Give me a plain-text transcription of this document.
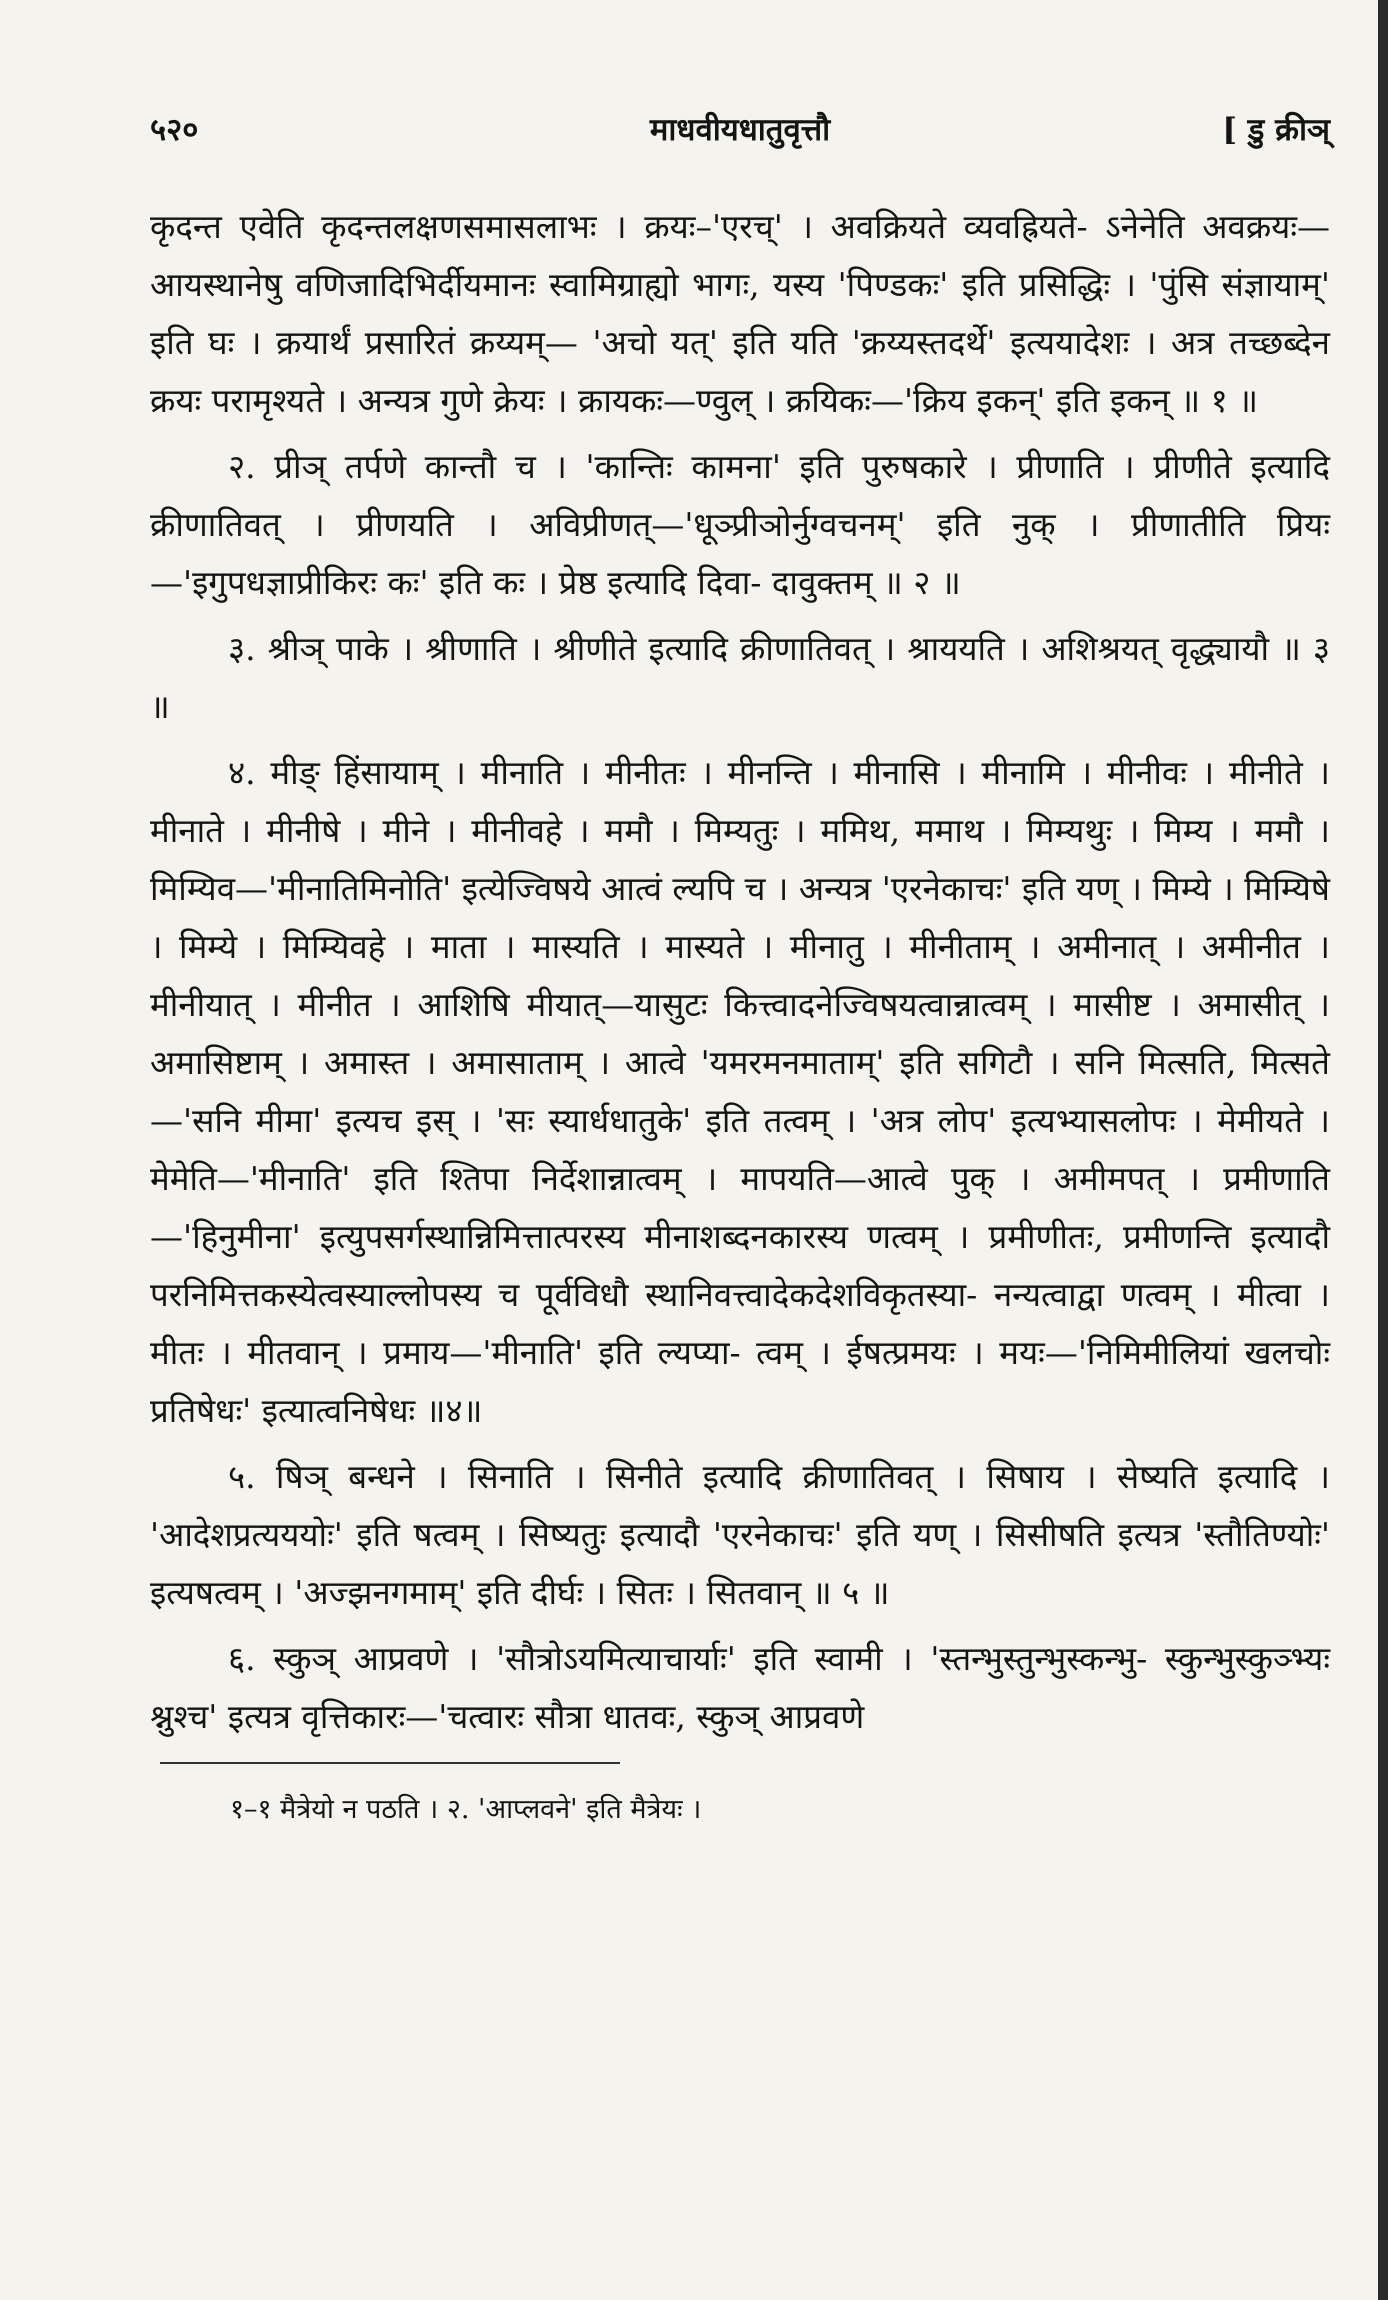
५२०	माधवीयधातुवृत्तौ	[ डु क्रीञ्

कृदन्त एवेति कृदन्तलक्षणसमासलाभः । क्रयः–'एरच्' । अवक्रियते व्यवह्रियते- ऽनेनेति अवक्रयः—आयस्थानेषु वणिजादिभिर्दीयमानः स्वामिग्राह्यो भागः, यस्य 'पिण्डकः' इति प्रसिद्धिः । 'पुंसि संज्ञायाम्' इति घः । क्रयार्थं प्रसारितं क्रय्यम्— 'अचो यत्' इति यति 'क्रय्यस्तदर्थे' इत्ययादेशः । अत्र तच्छब्देन क्रयः परामृश्यते । अन्यत्र गुणे क्रेयः । क्रायकः—ण्वुल् । क्रयिकः—'क्रिय इकन्' इति इकन् ॥ १ ॥

२. प्रीञ् तर्पणे कान्तौ च । 'कान्तिः कामना' इति पुरुषकारे । प्रीणाति । प्रीणीते इत्यादि क्रीणातिवत् । प्रीणयति । अविप्रीणत्—'धूञ्प्रीञोर्नुग्वचनम्' इति नुक् । प्रीणातीति प्रियः—'इगुपधज्ञाप्रीकिरः कः' इति कः । प्रेष्ठ इत्यादि दिवा- दावुक्तम् ॥ २ ॥

३. श्रीञ् पाके । श्रीणाति । श्रीणीते इत्यादि क्रीणातिवत् । श्राययति । अशिश्रयत् वृद्ध्यायौ ॥ ३ ॥

४. मीङ् हिंसायाम् । मीनाति । मीनीतः । मीनन्ति । मीनासि । मीनामि । मीनीवः । मीनीते । मीनाते । मीनीषे । मीने । मीनीवहे । ममौ । मिम्यतुः । ममिथ, ममाथ । मिम्यथुः । मिम्य । ममौ । मिम्यिव—'मीनातिमिनोति' इत्येज्विषये आत्वं ल्यपि च । अन्यत्र 'एरनेकाचः' इति यण् । मिम्ये । मिम्यिषे । मिम्ये । मिम्यिवहे । माता । मास्यति । मास्यते । मीनातु । मीनीताम् । अमीनात् । अमीनीत । मीनीयात् । मीनीत । आशिषि मीयात्—यासुटः कित्त्वादनेज्विषयत्वान्नात्वम् । मासीष्ट । अमासीत् । अमासिष्टाम् । अमास्त । अमासाताम् । आत्वे 'यमरमनमाताम्' इति सगिटौ । सनि मित्सति, मित्सते—'सनि मीमा' इत्यच इस् । 'सः स्यार्धधातुके' इति तत्वम् । 'अत्र लोप' इत्यभ्यासलोपः । मेमीयते । मेमेति—'मीनाति' इति श्तिपा निर्देशान्नात्वम् । मापयति—आत्वे पुक् । अमीमपत् । प्रमीणाति—'हिनुमीना' इत्युपसर्गस्थान्निमित्तात्परस्य मीनाशब्दनकारस्य णत्वम् । प्रमीणीतः, प्रमीणन्ति इत्यादौ परनिमित्तकस्येत्वस्याल्लोपस्य च पूर्वविधौ स्थानिवत्त्वादेकदेशविकृतस्या- नन्यत्वाद्वा णत्वम् । मीत्वा । मीतः । मीतवान् । प्रमाय—'मीनाति' इति ल्यप्या- त्वम् । ईषत्प्रमयः । मयः—'निमिमीलियां खलचोः प्रतिषेधः' इत्यात्वनिषेधः ॥४॥

५. षिञ् बन्धने । सिनाति । सिनीते इत्यादि क्रीणातिवत् । सिषाय । सेष्यति इत्यादि । 'आदेशप्रत्यययोः' इति षत्वम् । सिष्यतुः इत्यादौ 'एरनेकाचः' इति यण् । सिसीषति इत्यत्र 'स्तौतिण्योः' इत्यषत्वम् । 'अज्झनगमाम्' इति दीर्घः । सितः । सितवान् ॥ ५ ॥

६. स्कुञ् आप्रवणे । 'सौत्रोऽयमित्याचार्याः' इति स्वामी । 'स्तन्भुस्तुन्भुस्कन्भु- स्कुन्भुस्कुञ्भ्यः श्नुश्च' इत्यत्र वृत्तिकारः—'चत्वारः सौत्रा धातवः, स्कुञ् आप्रवणे

१–१ मैत्रेयो न पठति । २. 'आप्लवने' इति मैत्रेयः ।
